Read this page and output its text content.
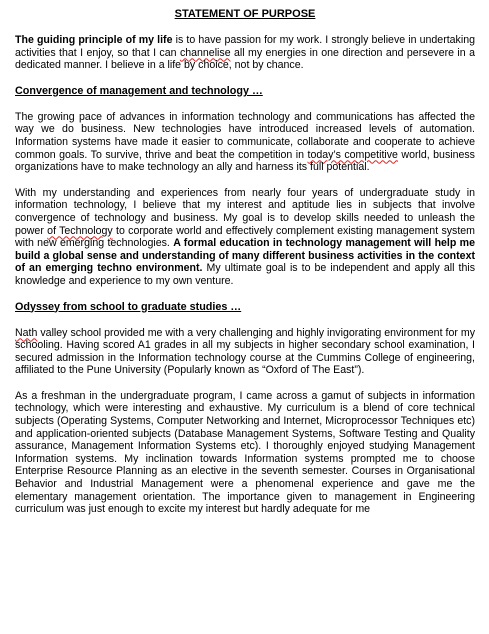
STATEMENT OF PURPOSE

The guiding principle of my life is to have passion for my work. I strongly believe in undertaking activities that I enjoy, so that I can channelise all my energies in one direction and persevere in a dedicated manner. I believe in a life by choice, not by chance.

Convergence of management and technology …

The growing pace of advances in information technology and communications has affected the way we do business. New technologies have introduced increased levels of automation. Information systems have made it easier to communicate, collaborate and cooperate to achieve common goals. To survive, thrive and beat the competition in today’s competitive world, business organizations have to make technology an ally and harness its full potential.

With my understanding and experiences from nearly four years of undergraduate study in information technology, I believe that my interest and aptitude lies in subjects that involve convergence of technology and business. My goal is to develop skills needed to unleash the power of Technology to corporate world and effectively complement existing management system with new emerging technologies. A formal education in technology management will help me build a global sense and understanding of many different business activities in the context of an emerging techno environment. My ultimate goal is to be independent and apply all this knowledge and experience to my own venture.

Odyssey from school to graduate studies …

Nath valley school provided me with a very challenging and highly invigorating environment for my schooling. Having scored A1 grades in all my subjects in higher secondary school examination, I secured admission in the Information technology course at the Cummins College of engineering, affiliated to the Pune University (Popularly known as “Oxford of The East”).

As a freshman in the undergraduate program, I came across a gamut of subjects in information technology, which were interesting and exhaustive. My curriculum is a blend of core technical subjects (Operating Systems, Computer Networking and Internet, Microprocessor Techniques etc) and application-oriented subjects (Database Management Systems, Software Testing and Quality assurance, Management Information Systems etc). I thoroughly enjoyed studying Management Information systems. My inclination towards Information systems prompted me to choose Enterprise Resource Planning as an elective in the seventh semester. Courses in Organisational Behavior and Industrial Management were a phenomenal experience and gave me the elementary management orientation. The importance given to management in Engineering curriculum was just enough to excite my interest but hardly adequate for me
